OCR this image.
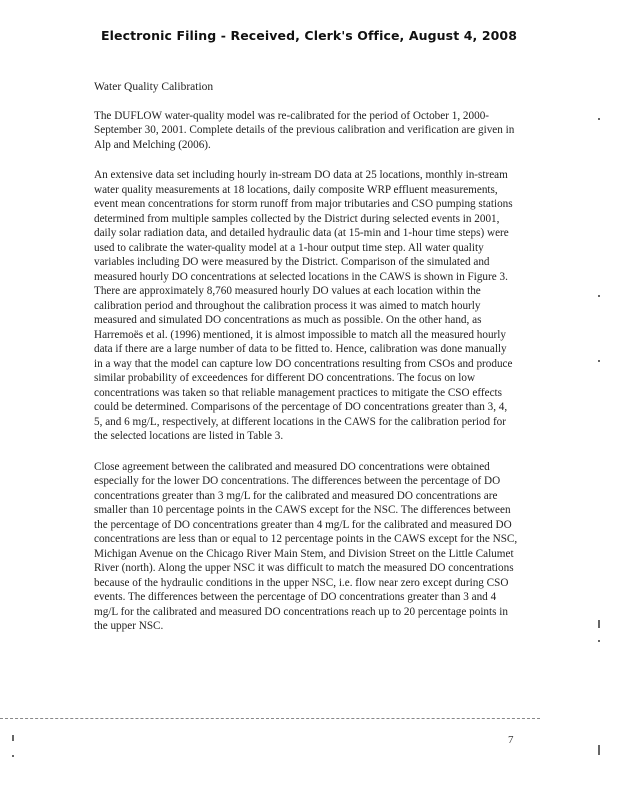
Electronic Filing - Received, Clerk's Office, August 4, 2008
Water Quality Calibration

The DUFLOW water-quality model was re-calibrated for the period of October 1, 2000-September 30, 2001. Complete details of the previous calibration and verification are given in Alp and Melching (2006).

An extensive data set including hourly in-stream DO data at 25 locations, monthly in-stream water quality measurements at 18 locations, daily composite WRP effluent measurements, event mean concentrations for storm runoff from major tributaries and CSO pumping stations determined from multiple samples collected by the District during selected events in 2001, daily solar radiation data, and detailed hydraulic data (at 15-min and 1-hour time steps) were used to calibrate the water-quality model at a 1-hour output time step. All water quality variables including DO were measured by the District. Comparison of the simulated and measured hourly DO concentrations at selected locations in the CAWS is shown in Figure 3. There are approximately 8,760 measured hourly DO values at each location within the calibration period and throughout the calibration process it was aimed to match hourly measured and simulated DO concentrations as much as possible. On the other hand, as Harremoës et al. (1996) mentioned, it is almost impossible to match all the measured hourly data if there are a large number of data to be fitted to. Hence, calibration was done manually in a way that the model can capture low DO concentrations resulting from CSOs and produce similar probability of exceedences for different DO concentrations. The focus on low concentrations was taken so that reliable management practices to mitigate the CSO effects could be determined. Comparisons of the percentage of DO concentrations greater than 3, 4, 5, and 6 mg/L, respectively, at different locations in the CAWS for the calibration period for the selected locations are listed in Table 3.

Close agreement between the calibrated and measured DO concentrations were obtained especially for the lower DO concentrations. The differences between the percentage of DO concentrations greater than 3 mg/L for the calibrated and measured DO concentrations are smaller than 10 percentage points in the CAWS except for the NSC. The differences between the percentage of DO concentrations greater than 4 mg/L for the calibrated and measured DO concentrations are less than or equal to 12 percentage points in the CAWS except for the NSC, Michigan Avenue on the Chicago River Main Stem, and Division Street on the Little Calumet River (north). Along the upper NSC it was difficult to match the measured DO concentrations because of the hydraulic conditions in the upper NSC, i.e. flow near zero except during CSO events. The differences between the percentage of DO concentrations greater than 3 and 4 mg/L for the calibrated and measured DO concentrations reach up to 20 percentage points in the upper NSC.

7
